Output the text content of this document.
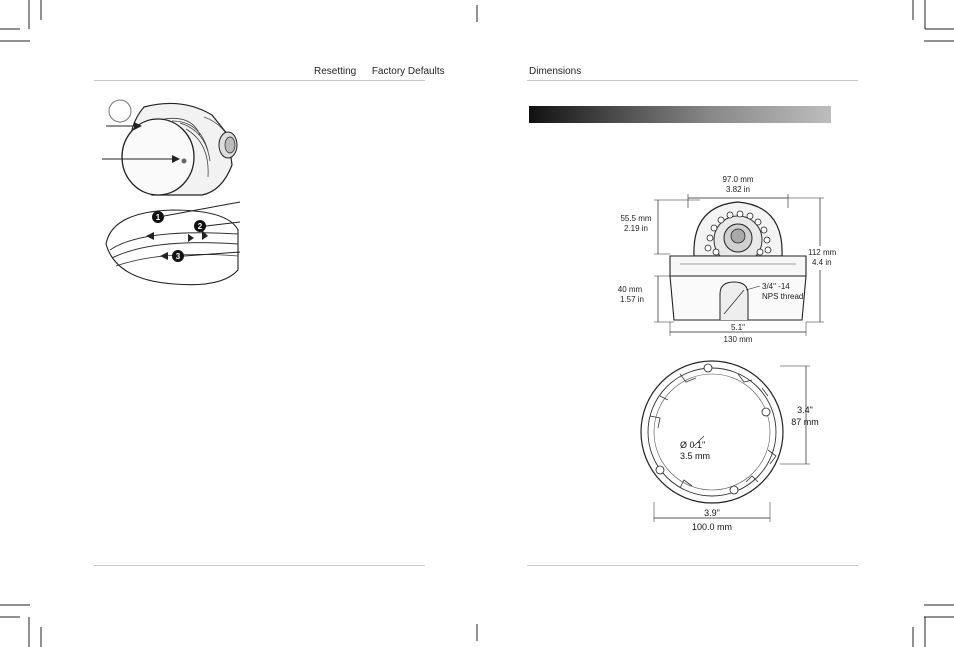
Resetting Factory Defaults
1
2
3
Dimensions
97.0 mm
3.82 in
55.5 mm
2.19 in
112 mm
4.4 in
40 mm
1.57 in
3/4" -14
NPS thread
5.1"
130 mm
Ø 0.1"
3.5 mm
3.4"
87 mm
3.9"
100.0 mm
